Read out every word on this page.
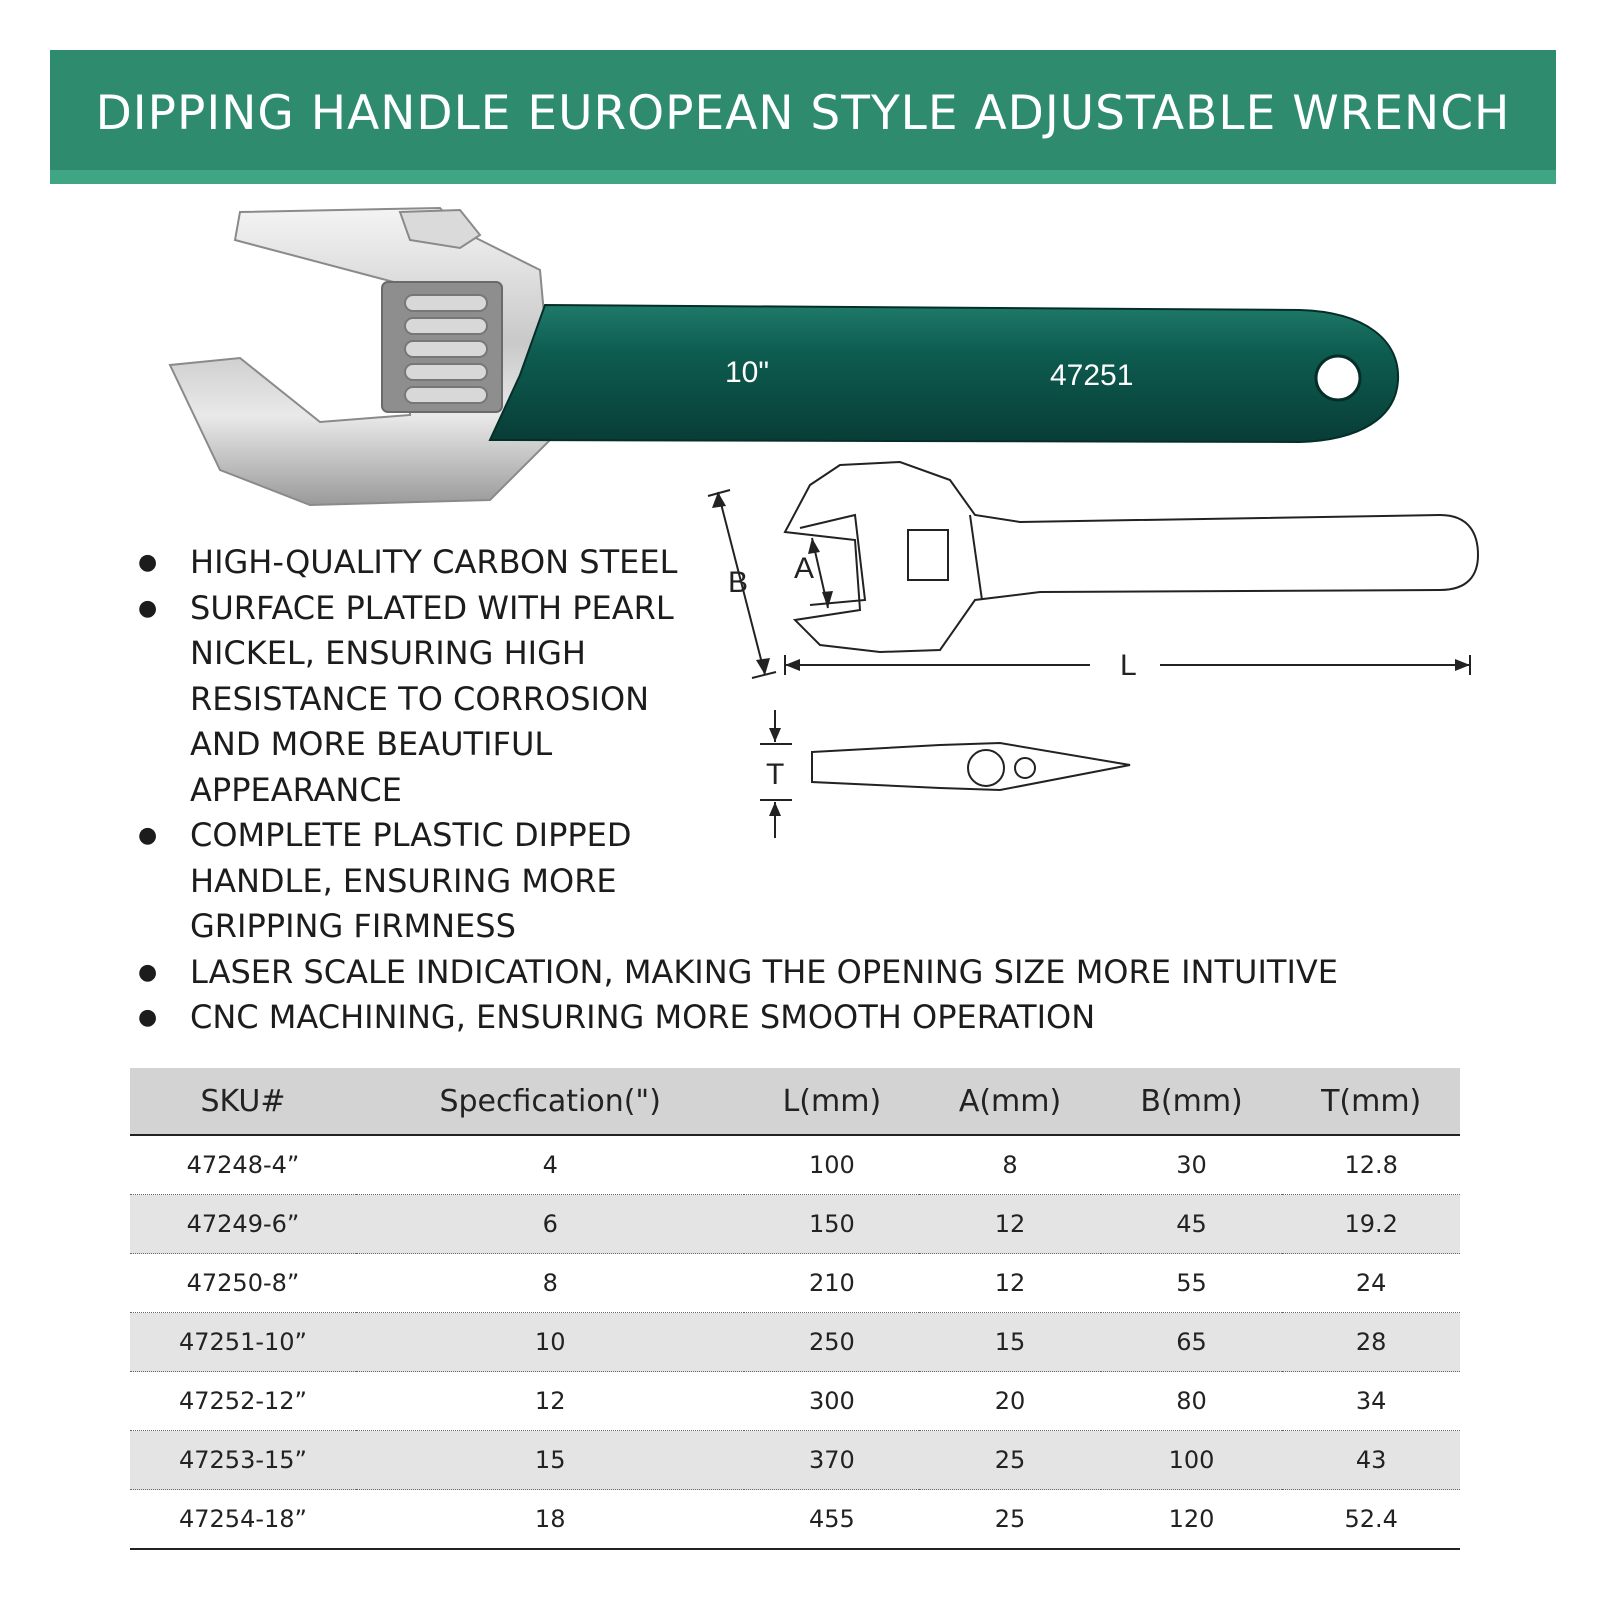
DIPPING HANDLE EUROPEAN STYLE ADJUSTABLE WRENCH
10"	47251
B A
L
T
● HIGH-QUALITY CARBON STEEL
● SURFACE PLATED WITH PEARL NICKEL, ENSURING HIGH RESISTANCE TO CORROSION AND MORE BEAUTIFUL APPEARANCE
● COMPLETE PLASTIC DIPPED HANDLE, ENSURING MORE GRIPPING FIRMNESS
● LASER SCALE INDICATION, MAKING THE OPENING SIZE MORE INTUITIVE
● CNC MACHINING, ENSURING MORE SMOOTH OPERATION
SKU#	Specfication(")	L(mm)	A(mm)	B(mm)	T(mm)
47248-4”	4	100	8	30	12.8
47249-6”	6	150	12	45	19.2
47250-8”	8	210	12	55	24
47251-10”	10	250	15	65	28
47252-12”	12	300	20	80	34
47253-15”	15	370	25	100	43
47254-18”	18	455	25	120	52.4
